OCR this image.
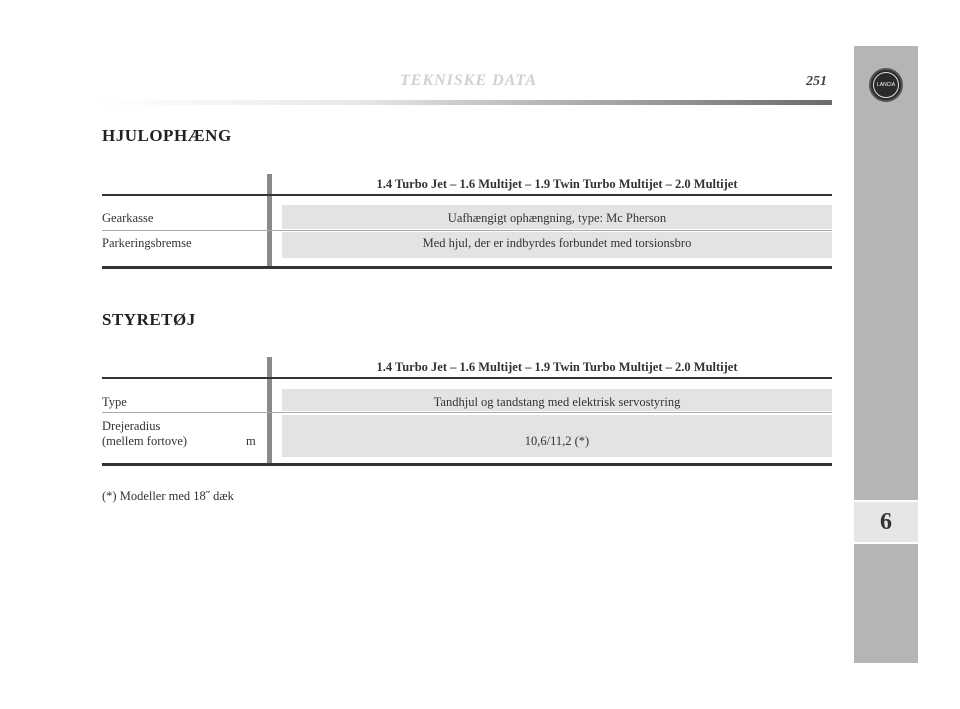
TEKNISKE DATA	251	LANCIA
6
HJULOPHÆNG
1.4 Turbo Jet – 1.6 Multijet – 1.9 Twin Turbo Multijet – 2.0 Multijet
Gearkasse	Uafhængigt ophængning, type: Mc Pherson
Parkeringsbremse	Med hjul, der er indbyrdes forbundet med torsionsbro
STYRETØJ
1.4 Turbo Jet – 1.6 Multijet – 1.9 Twin Turbo Multijet – 2.0 Multijet
Type	Tandhjul og tandstang med elektrisk servostyring
Drejeradius
(mellem fortove)	m	10,6/11,2 (*)
(*) Modeller med 18˝ dæk
